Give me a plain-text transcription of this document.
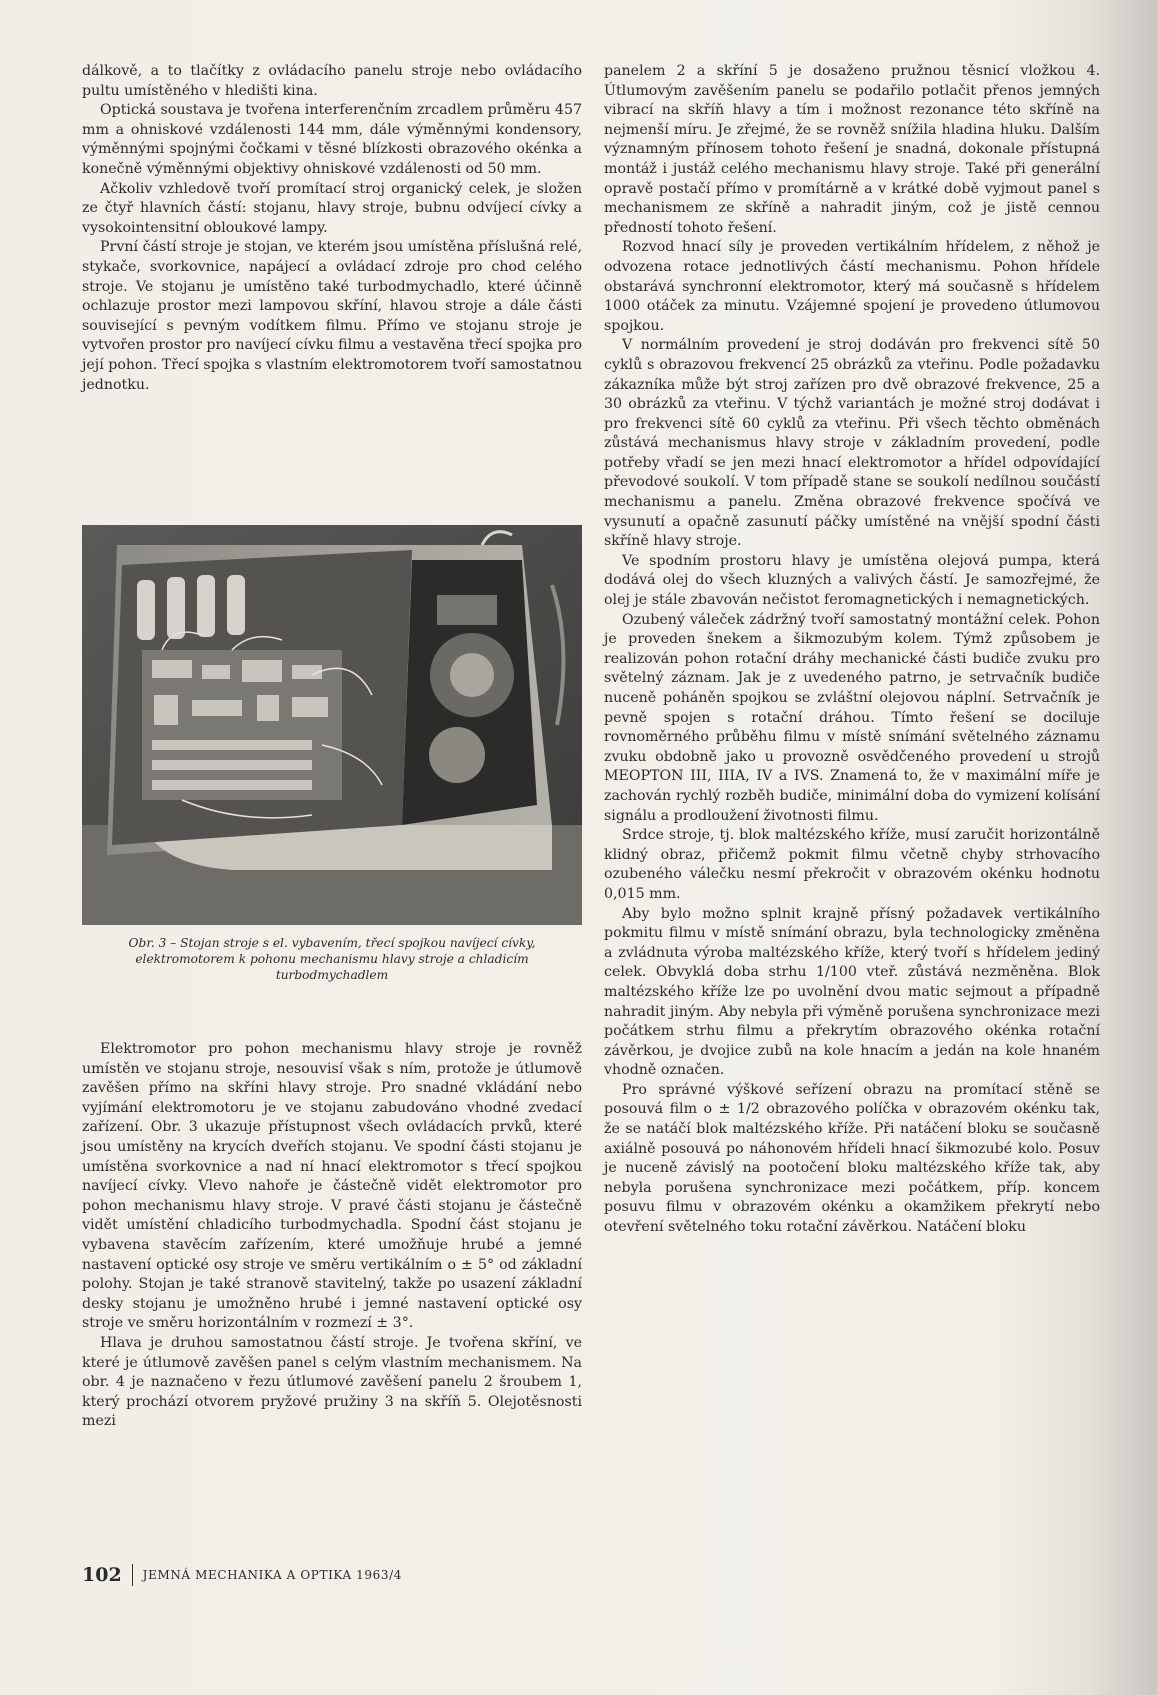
dálkově, a to tlačítky z ovládacího panelu stroje nebo ovládacího pultu umístěného v hledišti kina.

Optická soustava je tvořena interferenčním zrcadlem průměru 457 mm a ohniskové vzdálenosti 144 mm, dále výměnnými kondensory, výměnnými spojnými čočkami v těsné blízkosti obrazového okénka a konečně výměnnými objektivy ohniskové vzdálenosti od 50 mm.

Ačkoliv vzhledově tvoří promítací stroj organický celek, je složen ze čtyř hlavních částí: stojanu, hlavy stroje, bubnu odvíjecí cívky a vysokointensitní obloukové lampy.

První částí stroje je stojan, ve kterém jsou umístěna příslušná relé, stykače, svorkovnice, napájecí a ovládací zdroje pro chod celého stroje. Ve stojanu je umístěno také turbodmychadlo, které účinně ochlazuje prostor mezi lampovou skříní, hlavou stroje a dále části související s pevným vodítkem filmu. Přímo ve stojanu stroje je vytvořen prostor pro navíjecí cívku filmu a vestavěna třecí spojka pro její pohon. Třecí spojka s vlastním elektromotorem tvoří samostatnou jednotku.

Obr. 3 – Stojan stroje s el. vybavením, třecí spojkou navíjecí cívky, elektromotorem k pohonu mechanismu hlavy stroje a chladicím turbodmychadlem

Elektromotor pro pohon mechanismu hlavy stroje je rovněž umístěn ve stojanu stroje, nesouvisí však s ním, protože je útlumově zavěšen přímo na skříni hlavy stroje. Pro snadné vkládání nebo vyjímání elektromotoru je ve stojanu zabudováno vhodné zvedací zařízení. Obr. 3 ukazuje přístupnost všech ovládacích prvků, které jsou umístěny na krycích dveřích stojanu. Ve spodní části stojanu je umístěna svorkovnice a nad ní hnací elektromotor s třecí spojkou navíjecí cívky. Vlevo nahoře je částečně vidět elektromotor pro pohon mechanismu hlavy stroje. V pravé části stojanu je částečně vidět umístění chladicího turbodmychadla. Spodní část stojanu je vybavena stavěcím zařízením, které umožňuje hrubé a jemné nastavení optické osy stroje ve směru vertikálním o ± 5° od základní polohy. Stojan je také stranově stavitelný, takže po usazení základní desky stojanu je umožněno hrubé i jemné nastavení optické osy stroje ve směru horizontálním v rozmezí ± 3°.

Hlava je druhou samostatnou částí stroje. Je tvořena skříní, ve které je útlumově zavěšen panel s celým vlastním mechanismem. Na obr. 4 je naznačeno v řezu útlumové zavěšení panelu 2 šroubem 1, který prochází otvorem pryžové pružiny 3 na skříň 5. Olejotěsnosti mezi

panelem 2 a skříní 5 je dosaženo pružnou těsnicí vložkou 4. Útlumovým zavěšením panelu se podařilo potlačit přenos jemných vibrací na skříň hlavy a tím i možnost rezonance této skříně na nejmenší míru. Je zřejmé, že se rovněž snížila hladina hluku. Dalším významným přínosem tohoto řešení je snadná, dokonale přístupná montáž i justáž celého mechanismu hlavy stroje. Také při generální opravě postačí přímo v promítárně a v krátké době vyjmout panel s mechanismem ze skříně a nahradit jiným, což je jistě cennou předností tohoto řešení.

Rozvod hnací síly je proveden vertikálním hřídelem, z něhož je odvozena rotace jednotlivých částí mechanismu. Pohon hřídele obstarává synchronní elektromotor, který má současně s hřídelem 1000 otáček za minutu. Vzájemné spojení je provedeno útlumovou spojkou.

V normálním provedení je stroj dodáván pro frekvenci sítě 50 cyklů s obrazovou frekvencí 25 obrázků za vteřinu. Podle požadavku zákazníka může být stroj zařízen pro dvě obrazové frekvence, 25 a 30 obrázků za vteřinu. V týchž variantách je možné stroj dodávat i pro frekvenci sítě 60 cyklů za vteřinu. Při všech těchto obměnách zůstává mechanismus hlavy stroje v základním provedení, podle potřeby vřadí se jen mezi hnací elektromotor a hřídel odpovídající převodové soukolí. V tom případě stane se soukolí nedílnou součástí mechanismu a panelu. Změna obrazové frekvence spočívá ve vysunutí a opačně zasunutí páčky umístěné na vnější spodní části skříně hlavy stroje.

Ve spodním prostoru hlavy je umístěna olejová pumpa, která dodává olej do všech kluzných a valivých částí. Je samozřejmé, že olej je stále zbavován nečistot feromagnetických i nemagnetických.

Ozubený váleček zádržný tvoří samostatný montážní celek. Pohon je proveden šnekem a šikmozubým kolem. Týmž způsobem je realizován pohon rotační dráhy mechanické části budiče zvuku pro světelný záznam. Jak je z uvedeného patrno, je setrvačník budiče nuceně poháněn spojkou se zvláštní olejovou náplní. Setrvačník je pevně spojen s rotační dráhou. Tímto řešení se dociluje rovnoměrného průběhu filmu v místě snímání světelného záznamu zvuku obdobně jako u provozně osvědčeného provedení u strojů MEOPTON III, IIIA, IV a IVS. Znamená to, že v maximální míře je zachován rychlý rozběh budiče, minimální doba do vymizení kolísání signálu a prodloužení životnosti filmu.

Srdce stroje, tj. blok maltézského kříže, musí zaručit horizontálně klidný obraz, přičemž pokmit filmu včetně chyby strhovacího ozubeného válečku nesmí překročit v obrazovém okénku hodnotu 0,015 mm.

Aby bylo možno splnit krajně přísný požadavek vertikálního pokmitu filmu v místě snímání obrazu, byla technologicky změněna a zvládnuta výroba maltézského kříže, který tvoří s hřídelem jediný celek. Obvyklá doba strhu 1/100 vteř. zůstává nezměněna. Blok maltézského kříže lze po uvolnění dvou matic sejmout a případně nahradit jiným. Aby nebyla při výměně porušena synchronizace mezi počátkem strhu filmu a překrytím obrazového okénka rotační závěrkou, je dvojice zubů na kole hnacím a jedán na kole hnaném vhodně označen.

Pro správné výškové seřízení obrazu na promítací stěně se posouvá film o ± 1/2 obrazového políčka v obrazovém okénku tak, že se natáčí blok maltézského kříže. Při natáčení bloku se současně axiálně posouvá po náhonovém hřídeli hnací šikmozubé kolo. Posuv je nuceně závislý na pootočení bloku maltézského kříže tak, aby nebyla porušena synchronizace mezi počátkem, příp. koncem posuvu filmu v obrazovém okénku a okamžikem překrytí nebo otevření světelného toku rotační závěrkou. Natáčení bloku

102 JEMNÁ MECHANIKA A OPTIKA 1963/4
